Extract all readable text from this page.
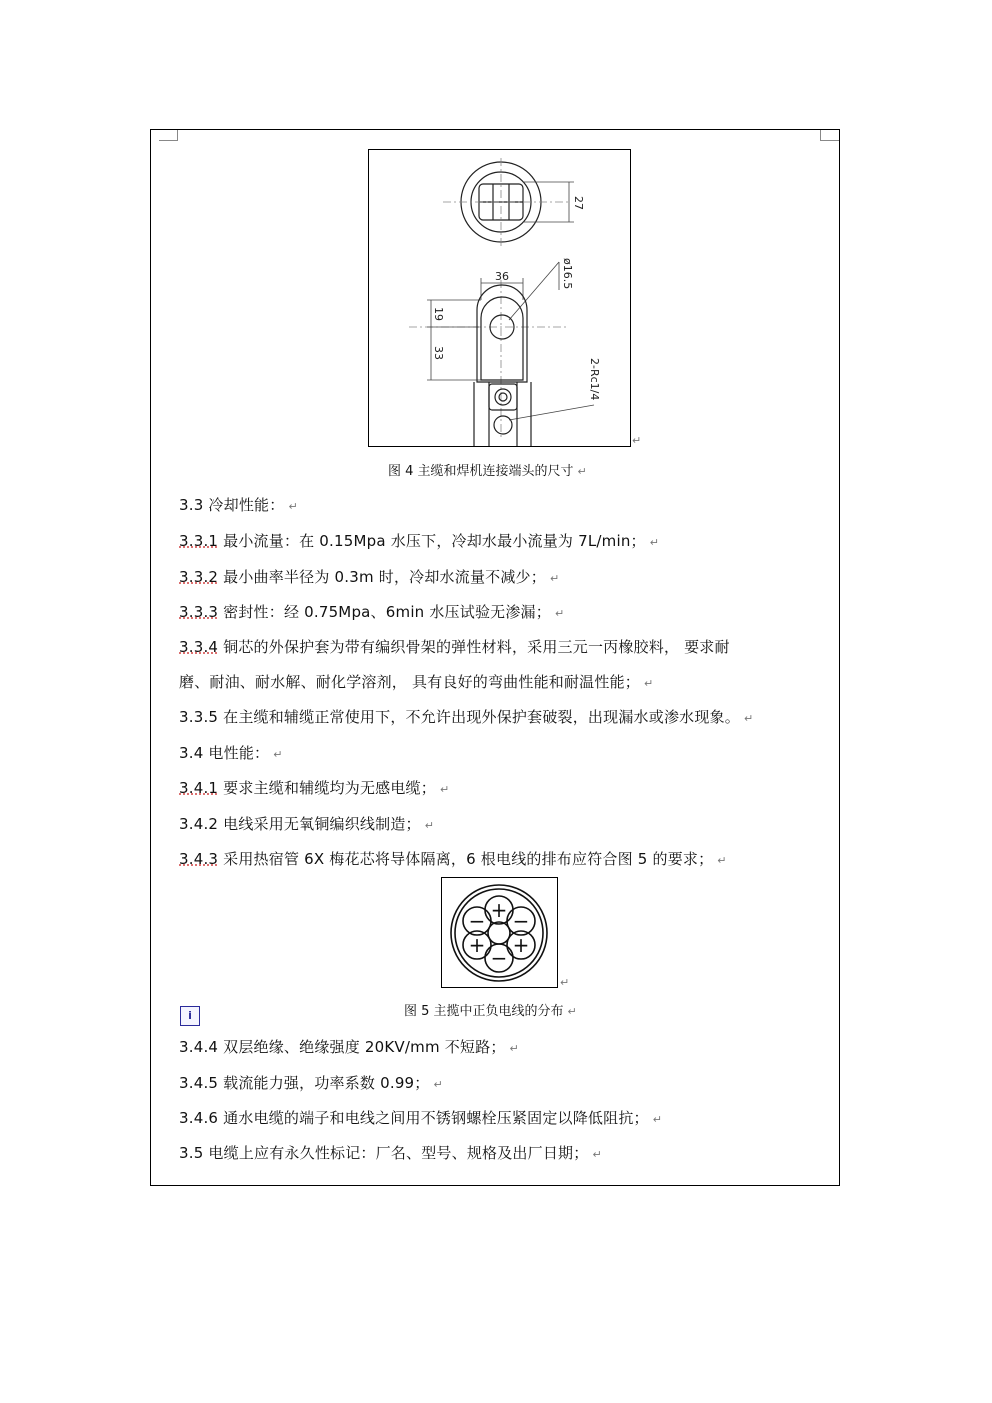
27
36	ø16.5
19
33
2-Rc1/4
↵
图 4 主缆和焊机连接端头的尺寸 ↵
3.3 冷却性能： ↵
3.3.1 最小流量：在 0.15Mpa 水压下，冷却水最小流量为 7L/min； ↵
3.3.2 最小曲率半径为 0.3m 时，冷却水流量不减少； ↵
3.3.3 密封性：经 0.75Mpa、6min 水压试验无渗漏； ↵
3.3.4 铜芯的外保护套为带有编织骨架的弹性材料，采用三元一丙橡胶料， 要求耐
磨、耐油、耐水解、耐化学溶剂， 具有良好的弯曲性能和耐温性能； ↵
3.3.5 在主缆和辅缆正常使用下，不允许出现外保护套破裂，出现漏水或渗水现象。 ↵
3.4 电性能： ↵
3.4.1 要求主缆和辅缆均为无感电缆； ↵
3.4.2 电线采用无氧铜编织线制造； ↵
3.4.3 采用热宿管 6X 梅花芯将导体隔离，6 根电线的排布应符合图 5 的要求； ↵
+
− −
+ +
−
↵
图 5 主揽中正负电线的分布 ↵
i
3.4.4 双层绝缘、绝缘强度 20KV/mm 不短路； ↵
3.4.5 载流能力强，功率系数 0.99； ↵
3.4.6 通水电缆的端子和电线之间用不锈钢螺栓压紧固定以降低阻抗； ↵
3.5 电缆上应有永久性标记：厂名、型号、规格及出厂日期； ↵
